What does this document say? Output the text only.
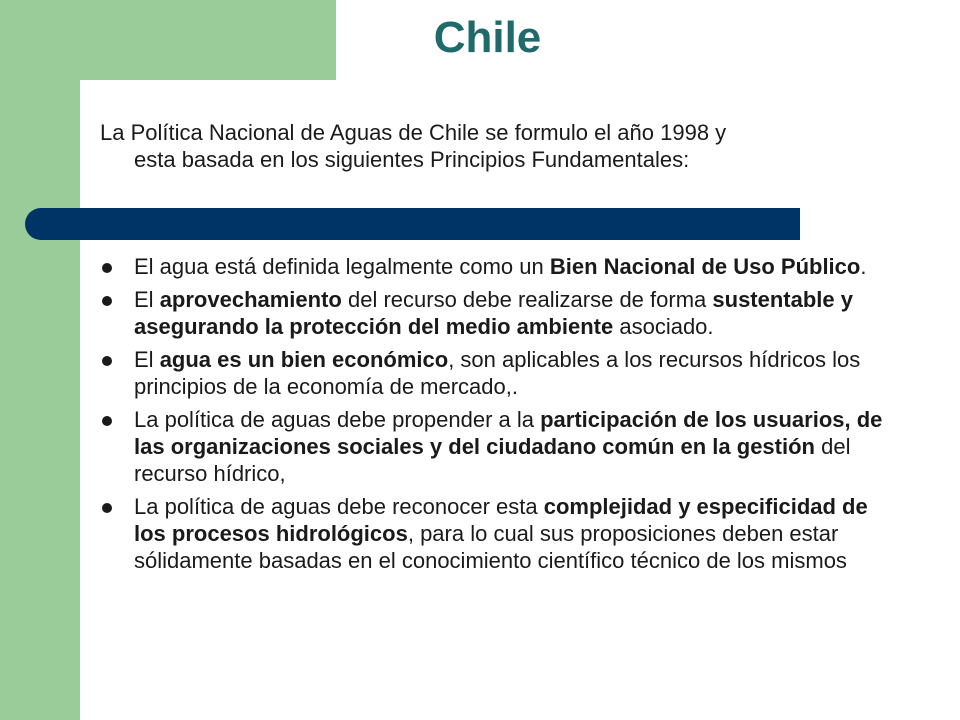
Chile
La Política Nacional de Aguas de Chile se formulo el año 1998 y
esta basada en los siguientes Principios Fundamentales:
El agua está definida legalmente como un Bien Nacional de Uso Público.
El aprovechamiento del recurso debe realizarse de forma sustentable y asegurando la protección del medio ambiente asociado.
El agua es un bien económico, son aplicables a los recursos hídricos los principios de la economía de mercado,.
La política de aguas debe propender a la participación de los usuarios, de las organizaciones sociales y del ciudadano común en la gestión del recurso hídrico,
La política de aguas debe reconocer esta complejidad y especificidad de los procesos hidrológicos, para lo cual sus proposiciones deben estar sólidamente basadas en el conocimiento científico técnico de los mismos
